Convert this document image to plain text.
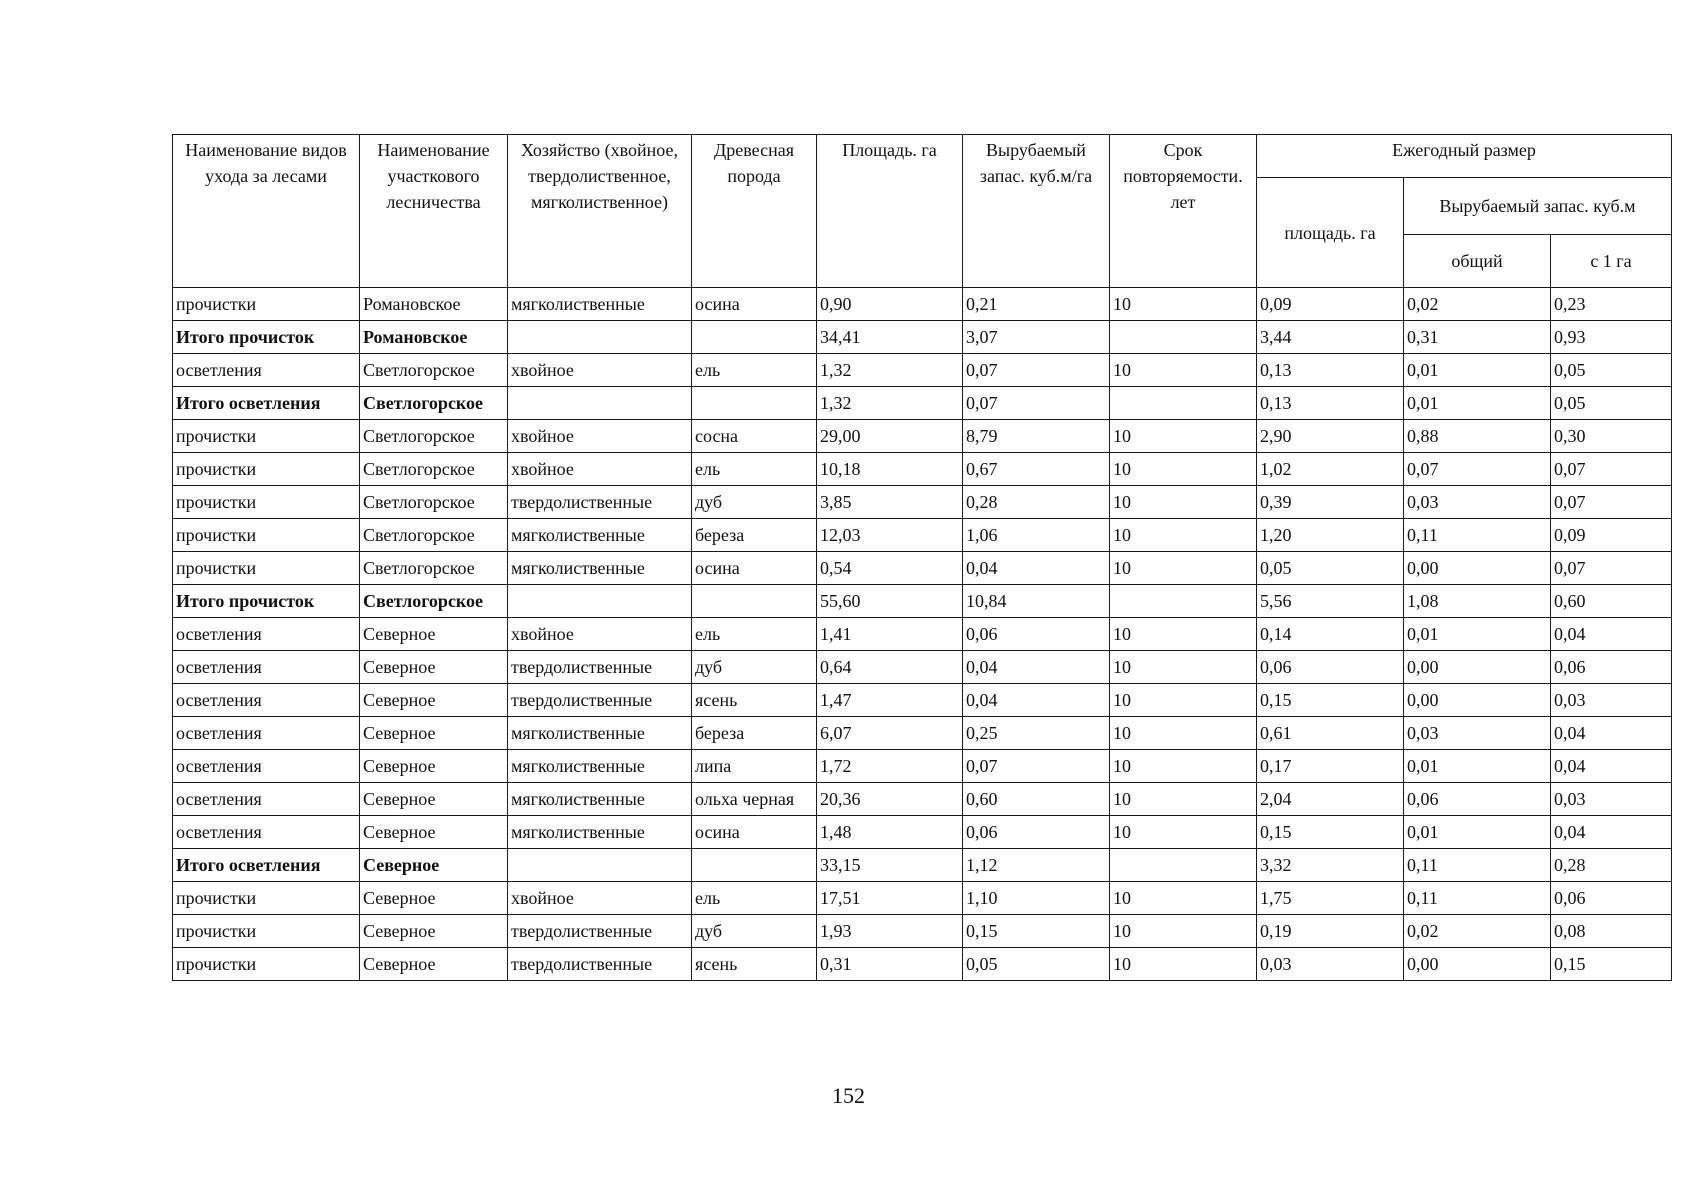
Наименование видов ухода за лесами	Наименование участкового лесничества	Хозяйство (хвойное, твердолиственное, мягколиственное)	Древесная порода	Площадь. га	Вырубаемый запас. куб.м/га	Срок повторяемости. лет	Ежегодный размер		
							площадь. га	Вырубаемый запас. куб.м	
								общий	с 1 га
прочистки	Романовское	мягколиственные	осина	0,90	0,21	10	0,09	0,02	0,23
Итого прочисток	Романовское			34,41	3,07		3,44	0,31	0,93
осветления	Светлогорское	хвойное	ель	1,32	0,07	10	0,13	0,01	0,05
Итого осветления	Светлогорское			1,32	0,07		0,13	0,01	0,05
прочистки	Светлогорское	хвойное	сосна	29,00	8,79	10	2,90	0,88	0,30
прочистки	Светлогорское	хвойное	ель	10,18	0,67	10	1,02	0,07	0,07
прочистки	Светлогорское	твердолиственные	дуб	3,85	0,28	10	0,39	0,03	0,07
прочистки	Светлогорское	мягколиственные	береза	12,03	1,06	10	1,20	0,11	0,09
прочистки	Светлогорское	мягколиственные	осина	0,54	0,04	10	0,05	0,00	0,07
Итого прочисток	Светлогорское			55,60	10,84		5,56	1,08	0,60
осветления	Северное	хвойное	ель	1,41	0,06	10	0,14	0,01	0,04
осветления	Северное	твердолиственные	дуб	0,64	0,04	10	0,06	0,00	0,06
осветления	Северное	твердолиственные	ясень	1,47	0,04	10	0,15	0,00	0,03
осветления	Северное	мягколиственные	береза	6,07	0,25	10	0,61	0,03	0,04
осветления	Северное	мягколиственные	липа	1,72	0,07	10	0,17	0,01	0,04
осветления	Северное	мягколиственные	ольха черная	20,36	0,60	10	2,04	0,06	0,03
осветления	Северное	мягколиственные	осина	1,48	0,06	10	0,15	0,01	0,04
Итого осветления	Северное			33,15	1,12		3,32	0,11	0,28
прочистки	Северное	хвойное	ель	17,51	1,10	10	1,75	0,11	0,06
прочистки	Северное	твердолиственные	дуб	1,93	0,15	10	0,19	0,02	0,08
прочистки	Северное	твердолиственные	ясень	0,31	0,05	10	0,03	0,00	0,15
152
